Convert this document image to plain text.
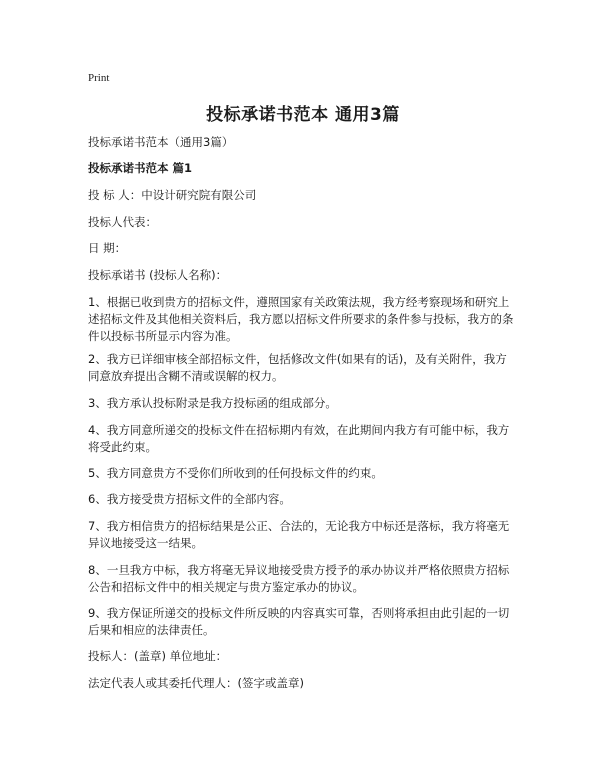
Print
投标承诺书范本 通用3篇
投标承诺书范本（通用3篇）
投标承诺书范本 篇1

投 标 人：中设计研究院有限公司

投标人代表：

日 期：

投标承诺书 (投标人名称)：

1、根据已收到贵方的招标文件，遵照国家有关政策法规，我方经考察现场和研究上述招标文件及其他相关资料后，我方愿以招标文件所要求的条件参与投标，我方的条件以投标书所显示内容为准。

2、我方已详细审核全部招标文件，包括修改文件(如果有的话)，及有关附件，我方同意放弃提出含糊不清或误解的权力。

3、我方承认投标附录是我方投标函的组成部分。

4、我方同意所递交的投标文件在招标期内有效，在此期间内我方有可能中标，我方将受此约束。

5、我方同意贵方不受你们所收到的任何投标文件的约束。

6、我方接受贵方招标文件的全部内容。

7、我方相信贵方的招标结果是公正、合法的，无论我方中标还是落标，我方将毫无异议地接受这一结果。

8、一旦我方中标，我方将毫无异议地接受贵方授予的承办协议并严格依照贵方招标公告和招标文件中的相关规定与贵方鉴定承办的协议。

9、我方保证所递交的投标文件所反映的内容真实可靠，否则将承担由此引起的一切后果和相应的法律责任。

投标人：(盖章) 单位地址：

法定代表人或其委托代理人：(签字或盖章)
